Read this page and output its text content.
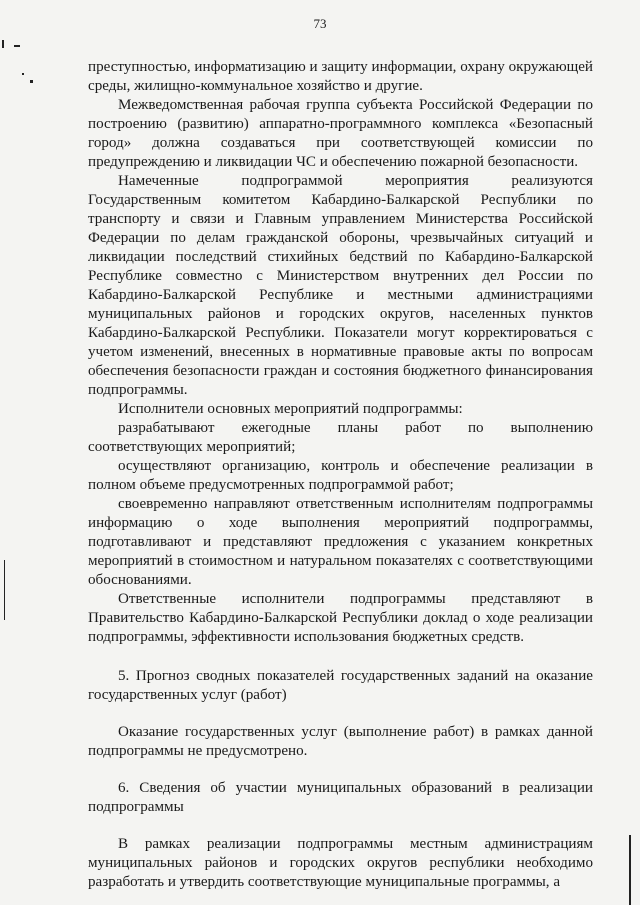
73

преступностью, информатизацию и защиту информации, охрану окружающей среды, жилищно-коммунальное хозяйство и другие.

Межведомственная рабочая группа субъекта Российской Федерации по построению (развитию) аппаратно-программного комплекса «Безопасный город» должна создаваться при соответствующей комиссии по предупреждению и ликвидации ЧС и обеспечению пожарной безопасности.

Намеченные подпрограммой мероприятия реализуются Государственным комитетом Кабардино-Балкарской Республики по транспорту и связи и Главным управлением Министерства Российской Федерации по делам гражданской обороны, чрезвычайных ситуаций и ликвидации последствий стихийных бедствий по Кабардино-Балкарской Республике совместно с Министерством внутренних дел России по Кабардино-Балкарской Республике и местными администрациями муниципальных районов и городских округов, населенных пунктов Кабардино-Балкарской Республики. Показатели могут корректироваться с учетом изменений, внесенных в нормативные правовые акты по вопросам обеспечения безопасности граждан и состояния бюджетного финансирования подпрограммы.

Исполнители основных мероприятий подпрограммы:

разрабатывают ежегодные планы работ по выполнению соответствующих мероприятий;

осуществляют организацию, контроль и обеспечение реализации в полном объеме предусмотренных подпрограммой работ;

своевременно направляют ответственным исполнителям подпрограммы информацию о ходе выполнения мероприятий подпрограммы, подготавливают и представляют предложения с указанием конкретных мероприятий в стоимостном и натуральном показателях с соответствующими обоснованиями.

Ответственные исполнители подпрограммы представляют в Правительство Кабардино-Балкарской Республики доклад о ходе реализации подпрограммы, эффективности использования бюджетных средств.

5. Прогноз сводных показателей государственных заданий на оказание государственных услуг (работ)

Оказание государственных услуг (выполнение работ) в рамках данной подпрограммы не предусмотрено.

6. Сведения об участии муниципальных образований в реализации подпрограммы

В рамках реализации подпрограммы местным администрациям муниципальных районов и городских округов республики необходимо разработать и утвердить соответствующие муниципальные программы, а
